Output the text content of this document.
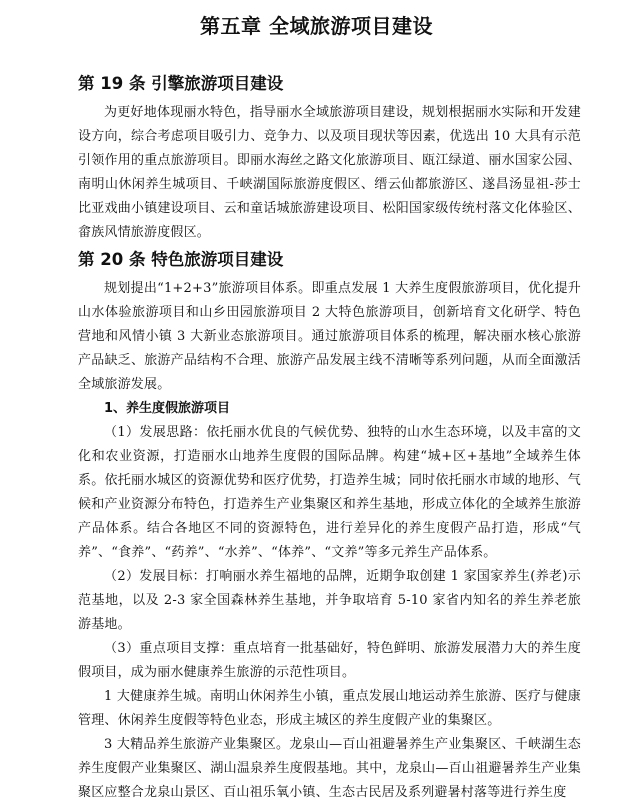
第五章 全域旅游项目建设
第 19 条 引擎旅游项目建设

为更好地体现丽水特色，指导丽水全域旅游项目建设，规划根据丽水实际和开发建设方向，综合考虑项目吸引力、竞争力、以及项目现状等因素，优选出 10 大具有示范引领作用的重点旅游项目。即丽水海丝之路文化旅游项目、瓯江绿道、丽水国家公园、南明山休闲养生城项目、千峡湖国际旅游度假区、缙云仙都旅游区、遂昌汤显祖-莎士比亚戏曲小镇建设项目、云和童话城旅游建设项目、松阳国家级传统村落文化体验区、畲族风情旅游度假区。

第 20 条 特色旅游项目建设

规划提出“1+2+3”旅游项目体系。即重点发展 1 大养生度假旅游项目，优化提升山水体验旅游项目和山乡田园旅游项目 2 大特色旅游项目，创新培育文化研学、特色营地和风情小镇 3 大新业态旅游项目。通过旅游项目体系的梳理，解决丽水核心旅游产品缺乏、旅游产品结构不合理、旅游产品发展主线不清晰等系列问题，从而全面激活全域旅游发展。

1、养生度假旅游项目

（1）发展思路：依托丽水优良的气候优势、独特的山水生态环境，以及丰富的文化和农业资源，打造丽水山地养生度假的国际品牌。构建“城+区+基地”全域养生体系。依托丽水城区的资源优势和医疗优势，打造养生城；同时依托丽水市域的地形、气候和产业资源分布特色，打造养生产业集聚区和养生基地，形成立体化的全域养生旅游产品体系。结合各地区不同的资源特色，进行差异化的养生度假产品打造，形成“气养”、“食养”、“药养”、“水养”、“体养”、“文养”等多元养生产品体系。

（2）发展目标：打响丽水养生福地的品牌，近期争取创建 1 家国家养生(养老)示范基地，以及 2-3 家全国森林养生基地，并争取培育 5-10 家省内知名的养生养老旅游基地。

（3）重点项目支撑：重点培育一批基础好，特色鲜明、旅游发展潜力大的养生度假项目，成为丽水健康养生旅游的示范性项目。

1 大健康养生城。南明山休闲养生小镇，重点发展山地运动养生旅游、医疗与健康管理、休闲养生度假等特色业态，形成主城区的养生度假产业的集聚区。

3 大精品养生旅游产业集聚区。龙泉山—百山祖避暑养生产业集聚区、千峡湖生态养生度假产业集聚区、湖山温泉养生度假基地。其中，龙泉山—百山祖避暑养生产业集聚区应整合龙泉山景区、百山祖乐氧小镇、生态古民居及系列避暑村落等进行养生度
